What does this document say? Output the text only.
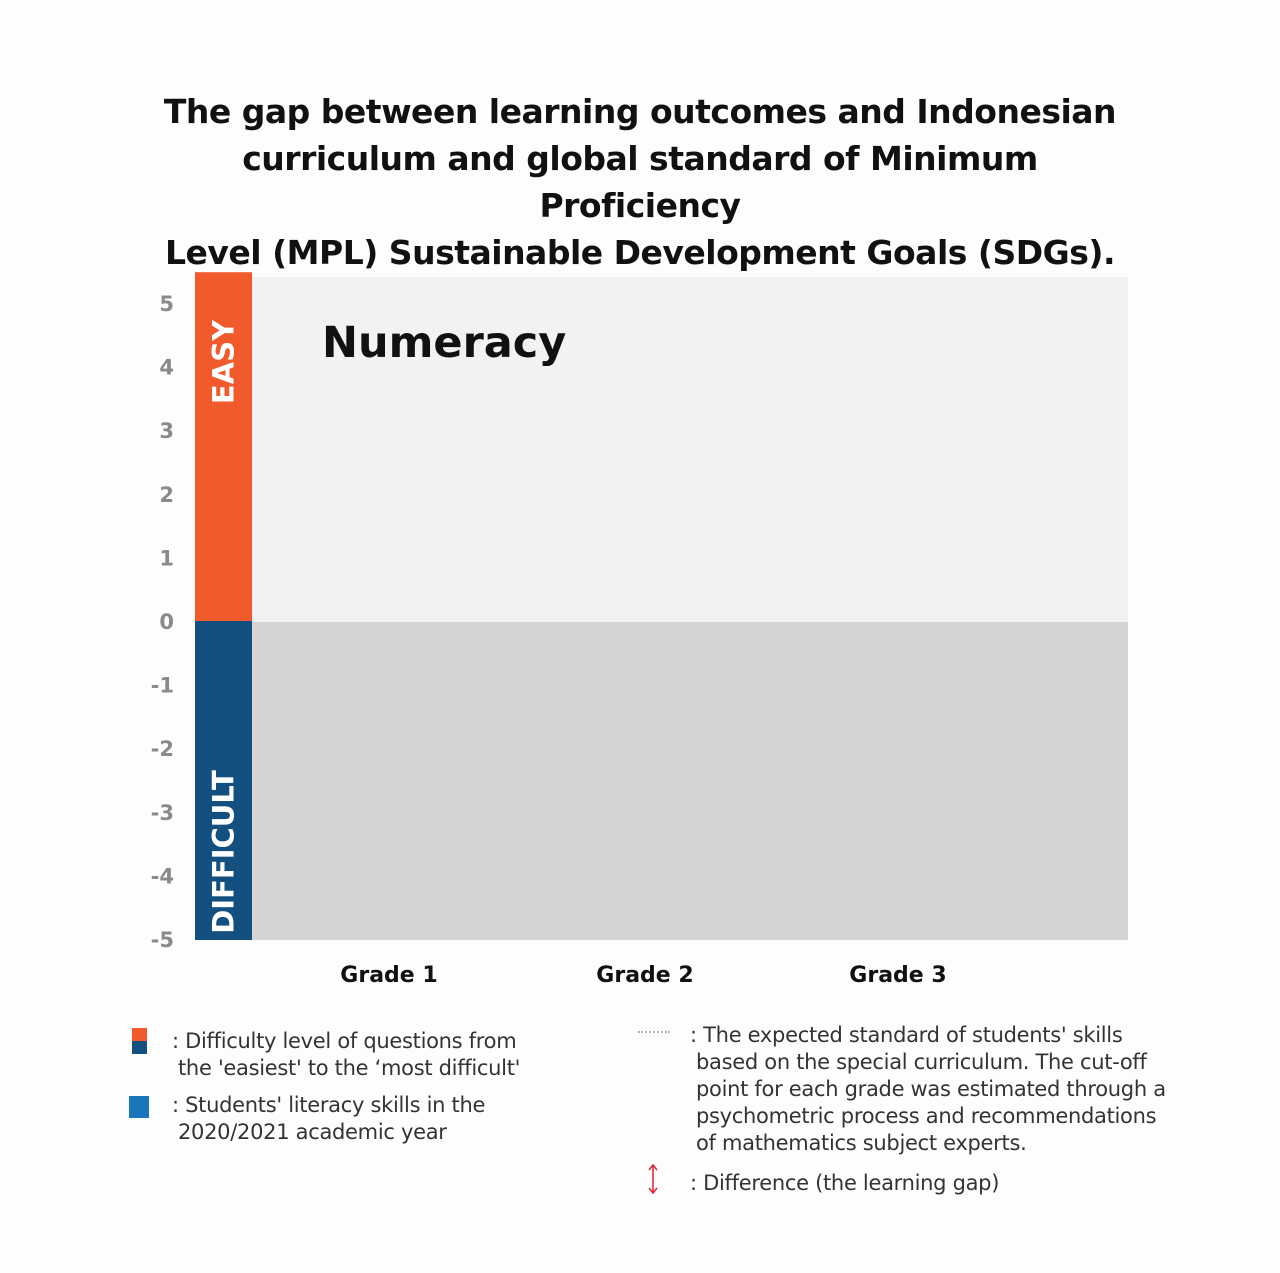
The gap between learning outcomes and Indonesian
curriculum and global standard of Minimum Proficiency
Level (MPL) Sustainable Development Goals (SDGs).
EASY
DIFFICULT
Numeracy
5
4
3
2
1
0
-1
-2
-3
-4
-5
Grade 1	Grade 2	Grade 3
: Difficulty level of questions from
the 'easiest' to the ‘most difficult'
: Students' literacy skills in the
2020/2021 academic year
: The expected standard of students' skills
based on the special curriculum. The cut-off
point for each grade was estimated through a
psychometric process and recommendations
of mathematics subject experts.
: Difference (the learning gap)
